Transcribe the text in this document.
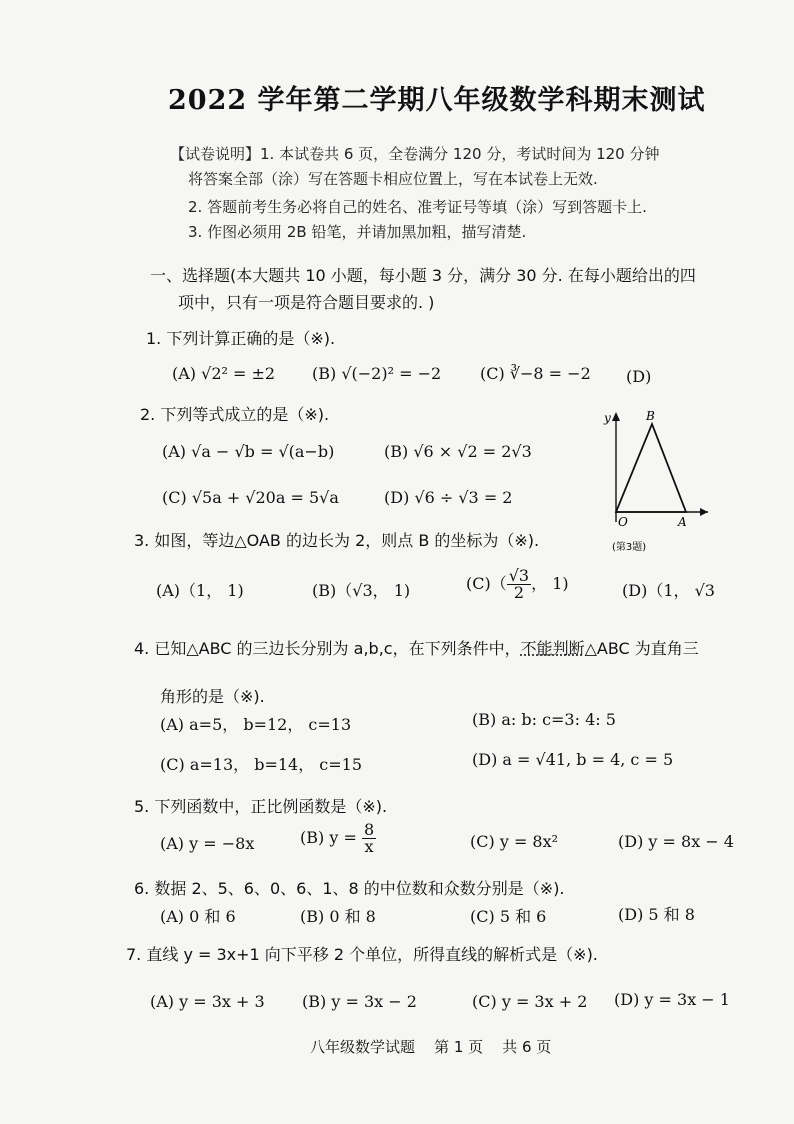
2022 学年第二学期八年级数学科期末测试
【试卷说明】1. 本试卷共 6 页，全卷满分 120 分，考试时间为 120 分钟
将答案全部（涂）写在答题卡相应位置上，写在本试卷上无效.
2. 答题前考生务必将自己的姓名、准考证号等填（涂）写到答题卡上.
3. 作图必须用 2B 铅笔，并请加黑加粗，描写清楚.
一、选择题(本大题共 10 小题，每小题 3 分，满分 30 分. 在每小题给出的四
项中，只有一项是符合题目要求的. )
1. 下列计算正确的是（※).
(A) √2² = ±2 (B) √(−2)² = −2 (C) ∛−8 = −2 (D)
2. 下列等式成立的是（※).
(A) √a − √b = √(a−b)	(B) √6 × √2 = 2√3
(C) √5a + √20a = 5√a	(D) √6 ÷ √3 = 2
y	B
O	A
(第3题)
3. 如图，等边△OAB 的边长为 2，则点 B 的坐标为（※).
(A)（1， 1)	(B)（√3， 1)	$(C)( \frac{√3}{2}$ ， 1)	(D)（1， √3
4. 已知△ABC 的三边长分别为 a,b,c，在下列条件中，不能判断△ABC 为直角三
角形的是（※).
(A) a=5， b=12， c=13	(B) a: b: c=3: 4: 5
(C) a=13， b=14， c=15	(D) a = √41, b = 4, c = 5
5. 下列函数中，正比例函数是（※).
(A) y = −8x	(B) $y = \frac{8}{x}$	(C) y = 8x²	(D) y = 8x − 4
6. 数据 2、5、6、0、6、1、8 的中位数和众数分别是（※).
(A) 0 和 6	(B) 0 和 8	(C) 5 和 6	(D) 5 和 8
7. 直线 y = 3x+1 向下平移 2 个单位，所得直线的解析式是（※).
(A) y = 3x + 3 (B) y = 3x − 2	(C) y = 3x + 2 (D) y = 3x − 1
八年级数学试题    第 1 页    共 6 页
